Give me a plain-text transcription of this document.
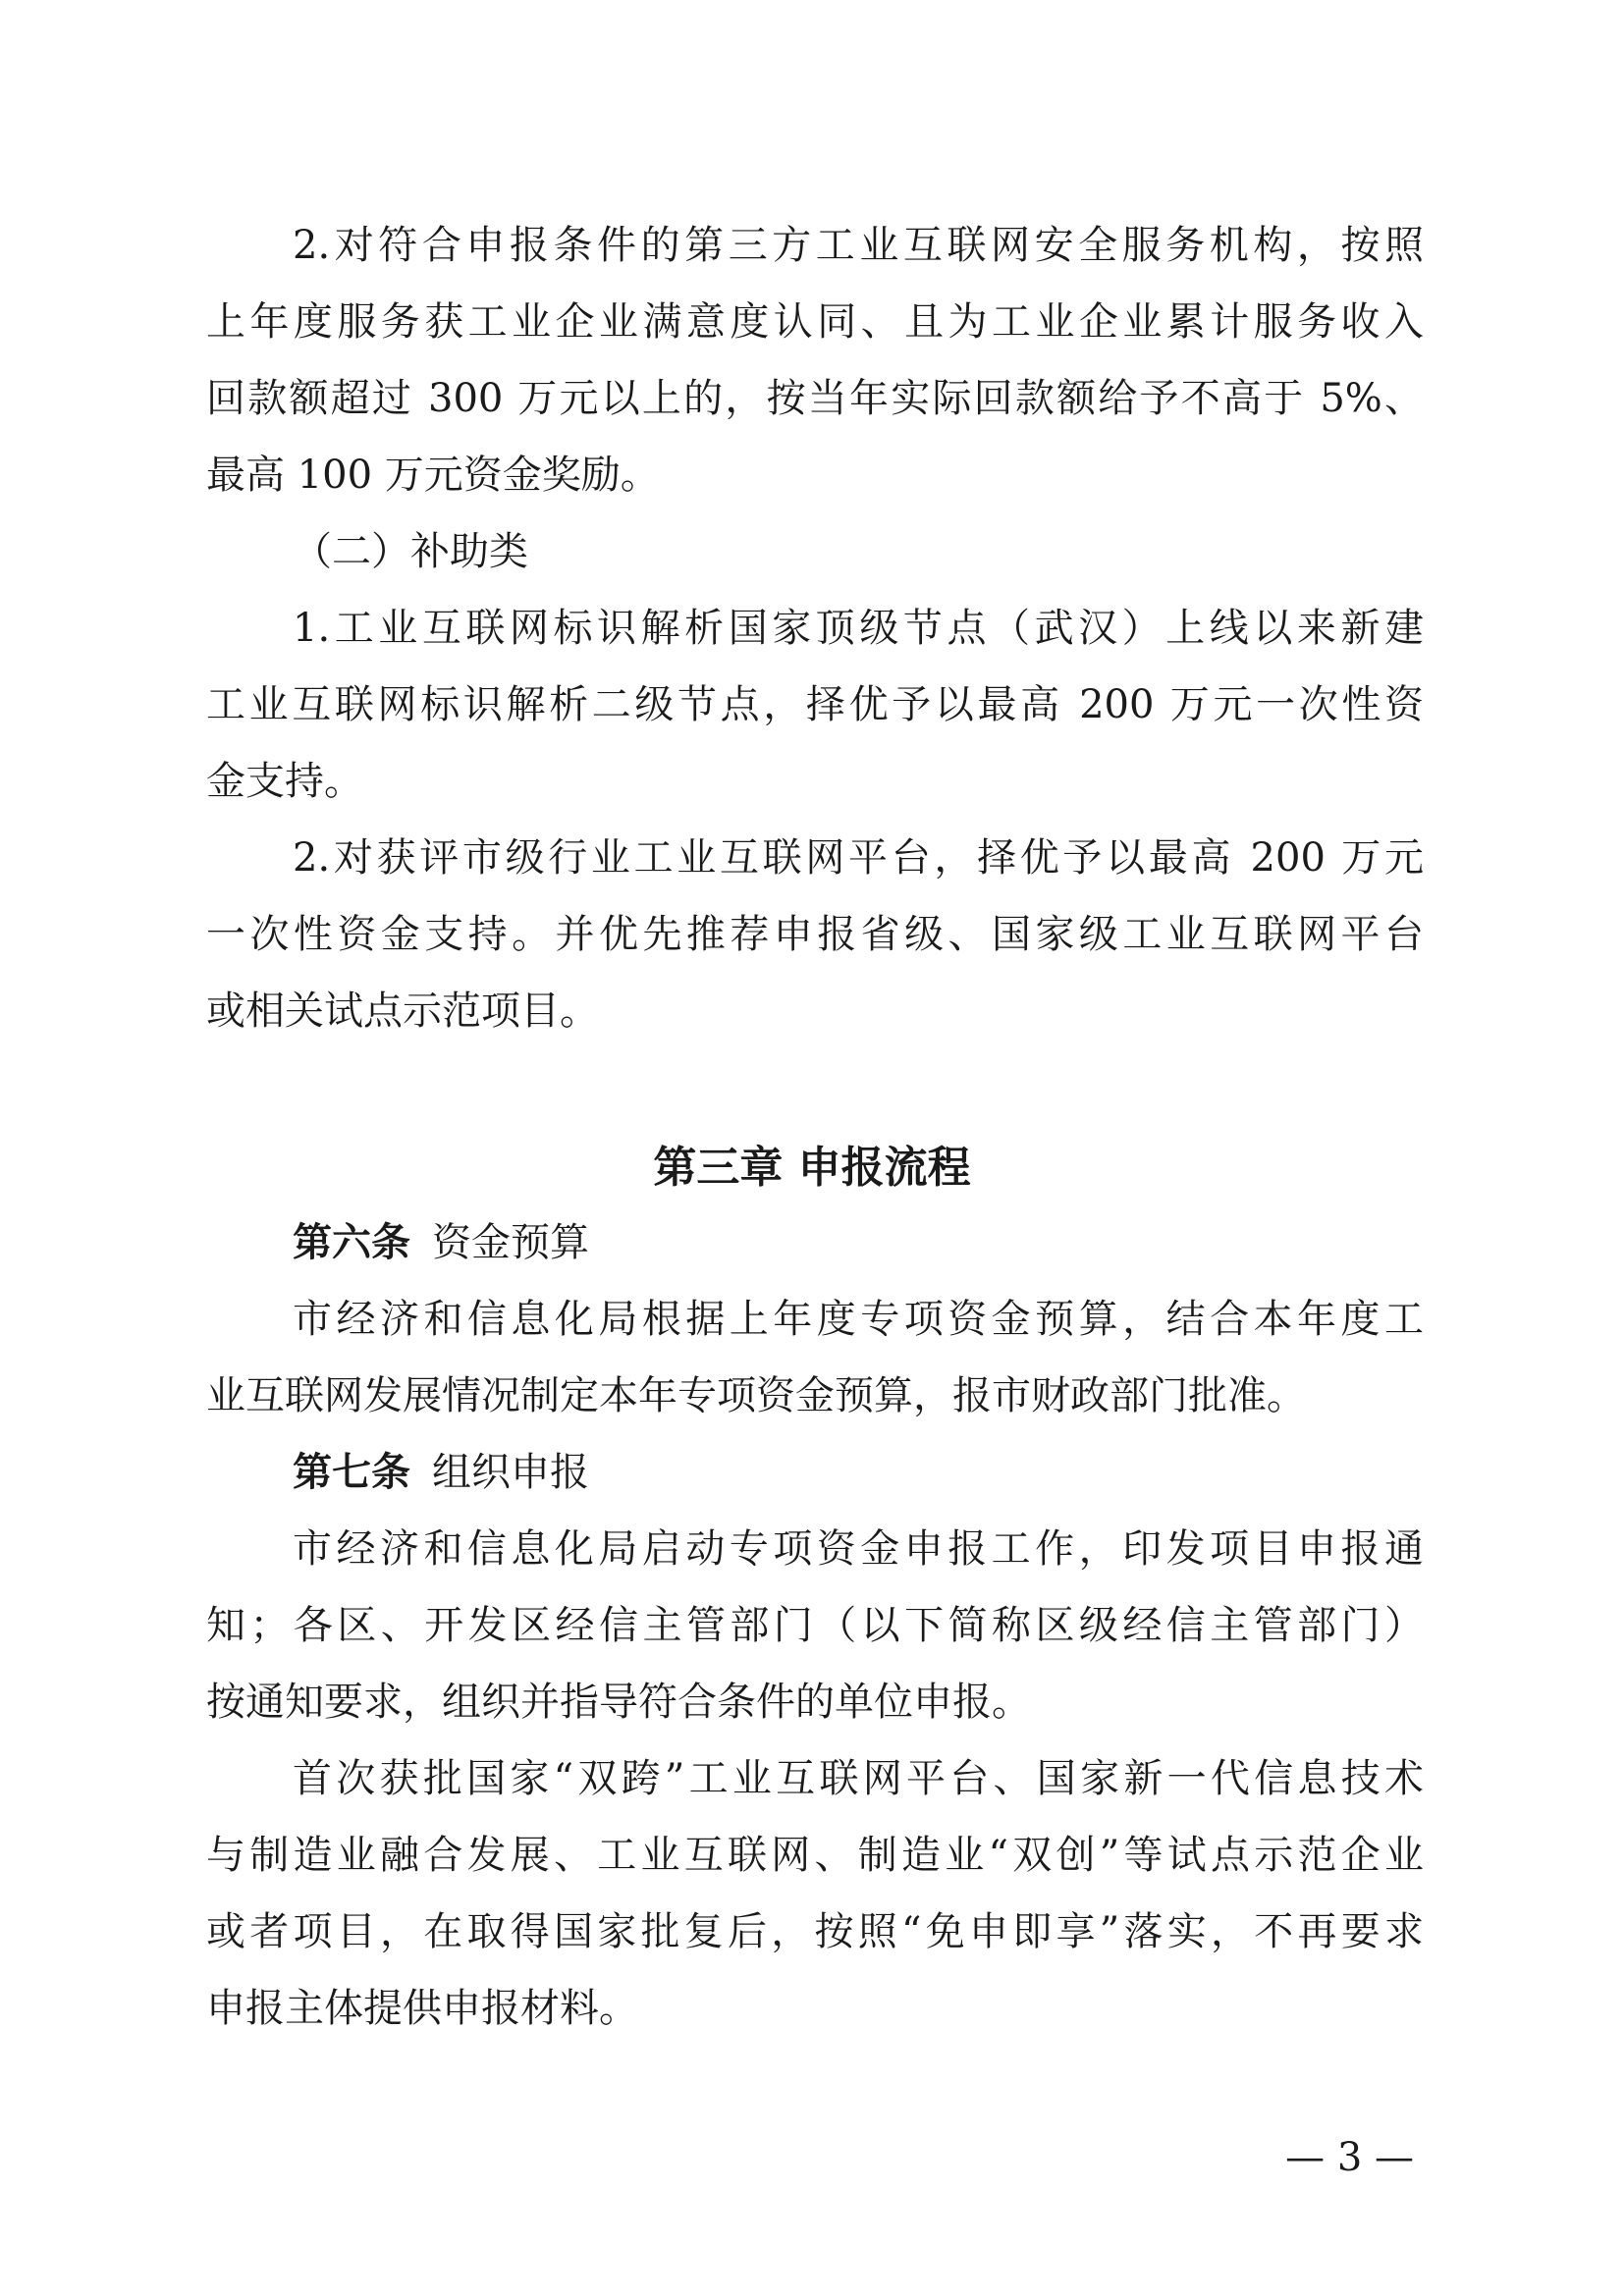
2.对符合申报条件的第三方工业互联网安全服务机构，按照
上年度服务获工业企业满意度认同、且为工业企业累计服务收入
回款额超过 300 万元以上的，按当年实际回款额给予不高于 5%、
最高 100 万元资金奖励。
（二）补助类
1.工业互联网标识解析国家顶级节点（武汉）上线以来新建
工业互联网标识解析二级节点，择优予以最高 200 万元一次性资
金支持。
2.对获评市级行业工业互联网平台，择优予以最高 200 万元
一次性资金支持。并优先推荐申报省级、国家级工业互联网平台
或相关试点示范项目。
第三章 申报流程
第六条 资金预算
市经济和信息化局根据上年度专项资金预算，结合本年度工
业互联网发展情况制定本年专项资金预算，报市财政部门批准。
第七条 组织申报
市经济和信息化局启动专项资金申报工作，印发项目申报通
知；各区、开发区经信主管部门（以下简称区级经信主管部门）
按通知要求，组织并指导符合条件的单位申报。
首次获批国家“双跨”工业互联网平台、国家新一代信息技术
与制造业融合发展、工业互联网、制造业“双创”等试点示范企业
或者项目，在取得国家批复后，按照“免申即享”落实，不再要求
申报主体提供申报材料。
— 3 —
